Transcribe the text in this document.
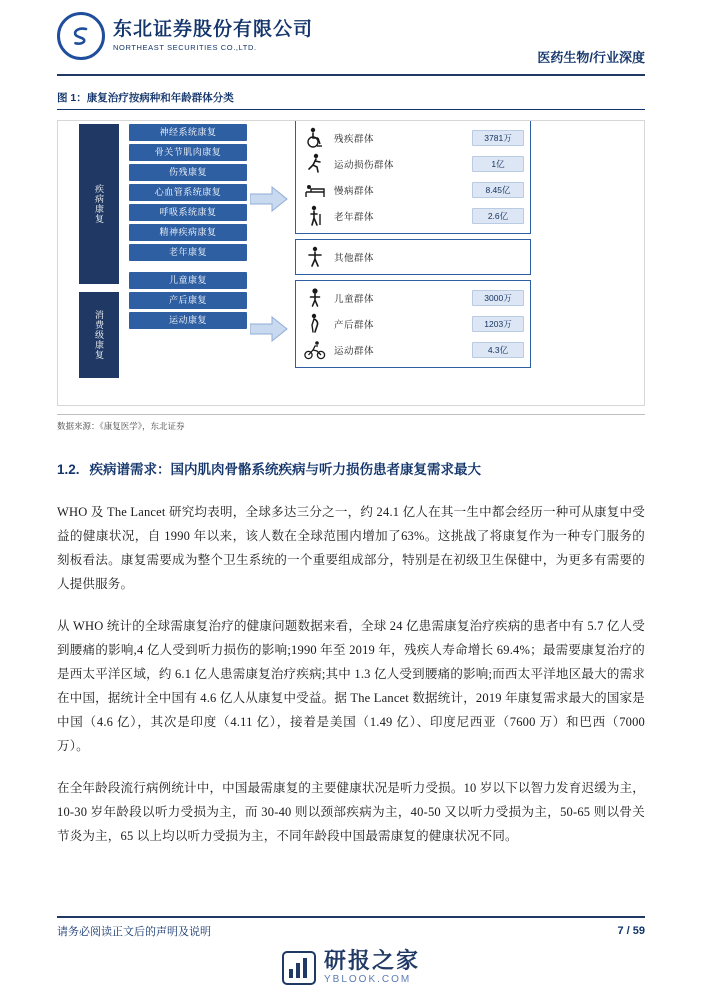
东北证券股份有限公司
NORTHEAST SECURITIES CO.,LTD.
医药生物/行业深度
图 1：康复治疗按病种和年龄群体分类
疾病康复
消费级康复
神经系统康复
骨关节肌肉康复
伤残康复
心血管系统康复
呼吸系统康复
精神疾病康复
老年康复
儿童康复
产后康复
运动康复
残疾群体	3781万
运动损伤群体	1亿
慢病群体	8.45亿
老年群体	2.6亿
其他群体
儿童群体	3000万
产后群体	1203万
运动群体	4.3亿
数据来源：《康复医学》，东北证券
1.2. 疾病谱需求：国内肌肉骨骼系统疾病与听力损伤患者康复需求最大

WHO 及 The Lancet 研究均表明，全球多达三分之一，约 24.1 亿人在其一生中都会经历一种可从康复中受益的健康状况，自 1990 年以来，该人数在全球范围内增加了63%。这挑战了将康复作为一种专门服务的刻板看法。康复需要成为整个卫生系统的一个重要组成部分，特别是在初级卫生保健中，为更多有需要的人提供服务。

从 WHO 统计的全球需康复治疗的健康问题数据来看，全球 24 亿患需康复治疗疾病的患者中有 5.7 亿人受到腰痛的影响,4 亿人受到听力损伤的影响;1990 年至 2019 年，残疾人寿命增长 69.4%；最需要康复治疗的是西太平洋区域，约 6.1 亿人患需康复治疗疾病;其中 1.3 亿人受到腰痛的影响;而西太平洋地区最大的需求在中国，据统计全中国有 4.6 亿人从康复中受益。据 The Lancet 数据统计，2019 年康复需求最大的国家是中国（4.6 亿），其次是印度（4.11 亿），接着是美国（1.49 亿）、印度尼西亚（7600 万）和巴西（7000 万）。

在全年龄段流行病例统计中，中国最需康复的主要健康状况是听力受损。10 岁以下以智力发育迟缓为主，10-30 岁年龄段以听力受损为主，而 30-40 则以颈部疾病为主，40-50 又以听力受损为主，50-65 则以骨关节炎为主，65 以上均以听力受损为主，不同年龄段中国最需康复的健康状况不同。

请务必阅读正文后的声明及说明	7 / 59
研报之家
YBLOOK.COM
